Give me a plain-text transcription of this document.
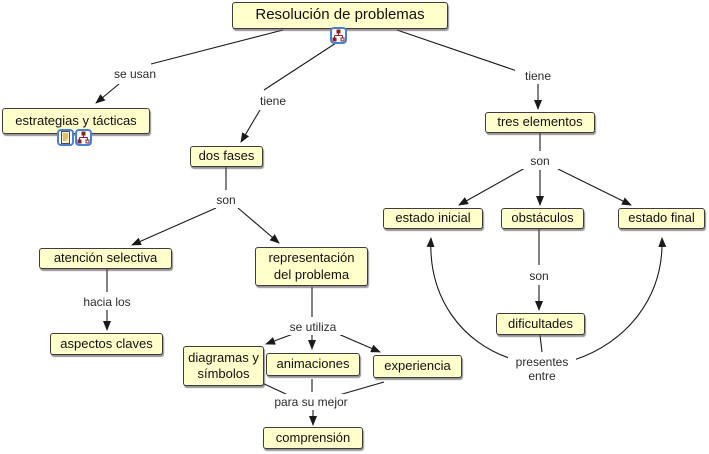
Resolución de problemas
estrategias y tácticas
dos fases
tres elementos
atención selectiva	representación del problema
aspectos claves
diagramas y símbolos
animaciones	experiencia
comprensión
estado inicial	obstáculos	estado final
dificultades
se usan
tiene
tiene
son
son
hacia los
se utiliza
son
para su mejor
presentes entre
